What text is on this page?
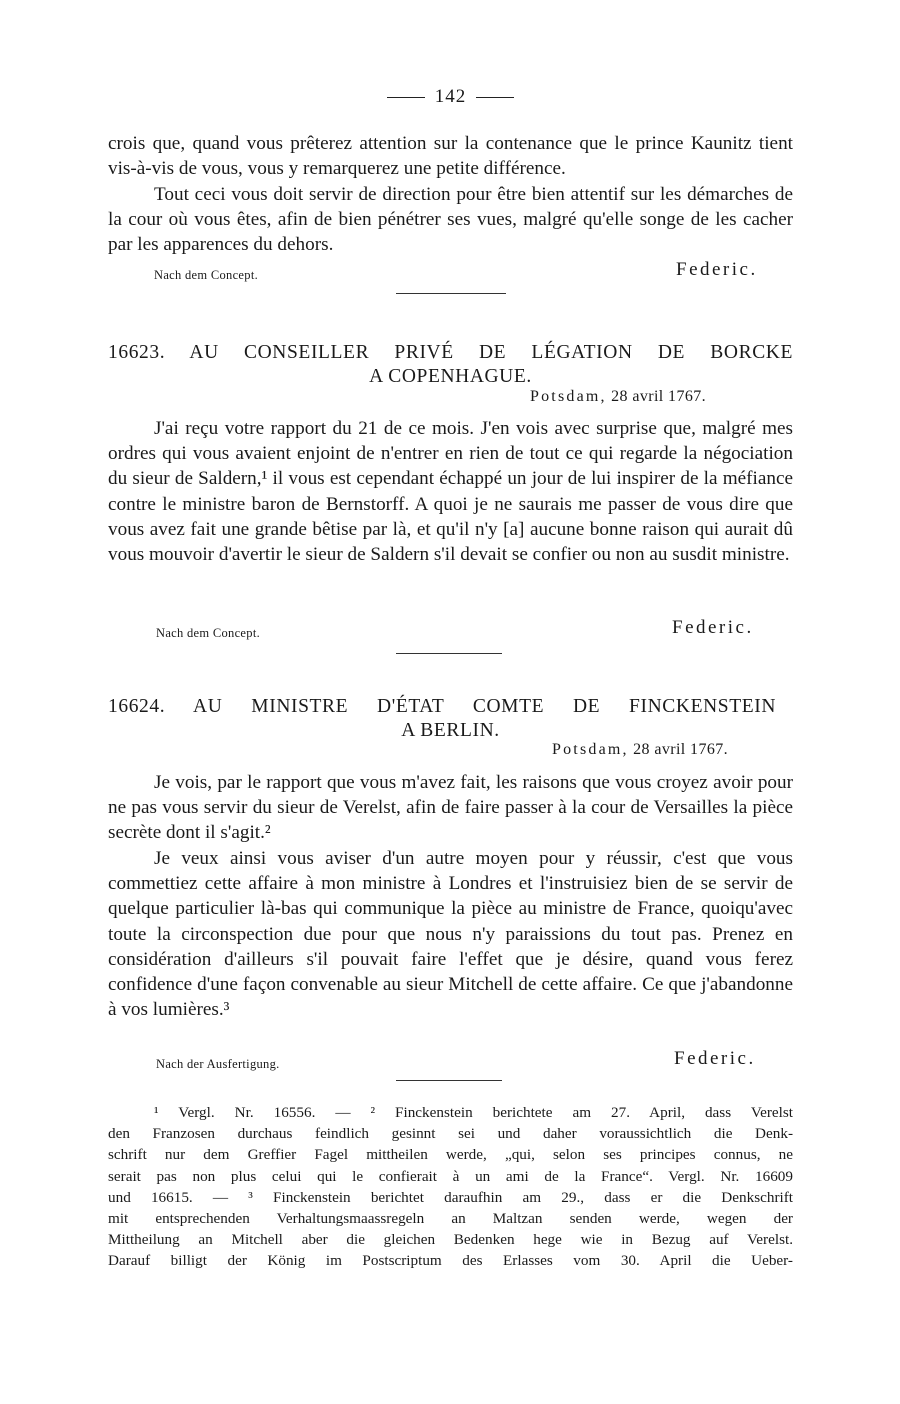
142

crois que, quand vous prêterez attention sur la contenance que le prince Kaunitz tient vis-à-vis de vous, vous y remarquerez une petite différence.

Tout ceci vous doit servir de direction pour être bien attentif sur les démarches de la cour où vous êtes, afin de bien pénétrer ses vues, malgré qu'elle songe de les cacher par les apparences du dehors.

Nach dem Concept.	Federic.
16623. AU CONSEILLER PRIVÉ DE LÉGATION DE BORCKE
A COPENHAGUE.
Potsdam, 28 avril 1767.

J'ai reçu votre rapport du 21 de ce mois. J'en vois avec surprise que, malgré mes ordres qui vous avaient enjoint de n'entrer en rien de tout ce qui regarde la négociation du sieur de Saldern,¹ il vous est cependant échappé un jour de lui inspirer de la méfiance contre le ministre baron de Bernstorff. A quoi je ne saurais me passer de vous dire que vous avez fait une grande bêtise par là, et qu'il n'y [a] aucune bonne raison qui aurait dû vous mouvoir d'avertir le sieur de Saldern s'il devait se confier ou non au susdit ministre.

Nach dem Concept.	Federic.
16624. AU MINISTRE D'ÉTAT COMTE DE FINCKENSTEIN
A BERLIN.
Potsdam, 28 avril 1767.

Je vois, par le rapport que vous m'avez fait, les raisons que vous croyez avoir pour ne pas vous servir du sieur de Verelst, afin de faire passer à la cour de Versailles la pièce secrète dont il s'agit.²

Je veux ainsi vous aviser d'un autre moyen pour y réussir, c'est que vous commettiez cette affaire à mon ministre à Londres et l'instruisiez bien de se servir de quelque particulier là-bas qui communique la pièce au ministre de France, quoiqu'avec toute la circonspection due pour que nous n'y paraissions du tout pas. Prenez en considération d'ailleurs s'il pouvait faire l'effet que je désire, quand vous ferez confidence d'une façon convenable au sieur Mitchell de cette affaire. Ce que j'abandonne à vos lumières.³

Nach der Ausfertigung.	Federic.
¹ Vergl. Nr. 16556. — ² Finckenstein berichtete am 27. April, dass Verelst
den Franzosen durchaus feindlich gesinnt sei und daher voraussichtlich die Denk-
schrift nur dem Greffier Fagel mittheilen werde, „qui, selon ses principes connus, ne
serait pas non plus celui qui le confierait à un ami de la France“. Vergl. Nr. 16609
und 16615. — ³ Finckenstein berichtet daraufhin am 29., dass er die Denkschrift
mit entsprechenden Verhaltungsmaassregeln an Maltzan senden werde, wegen der
Mittheilung an Mitchell aber die gleichen Bedenken hege wie in Bezug auf Verelst.
Darauf billigt der König im Postscriptum des Erlasses vom 30. April die Ueber-
